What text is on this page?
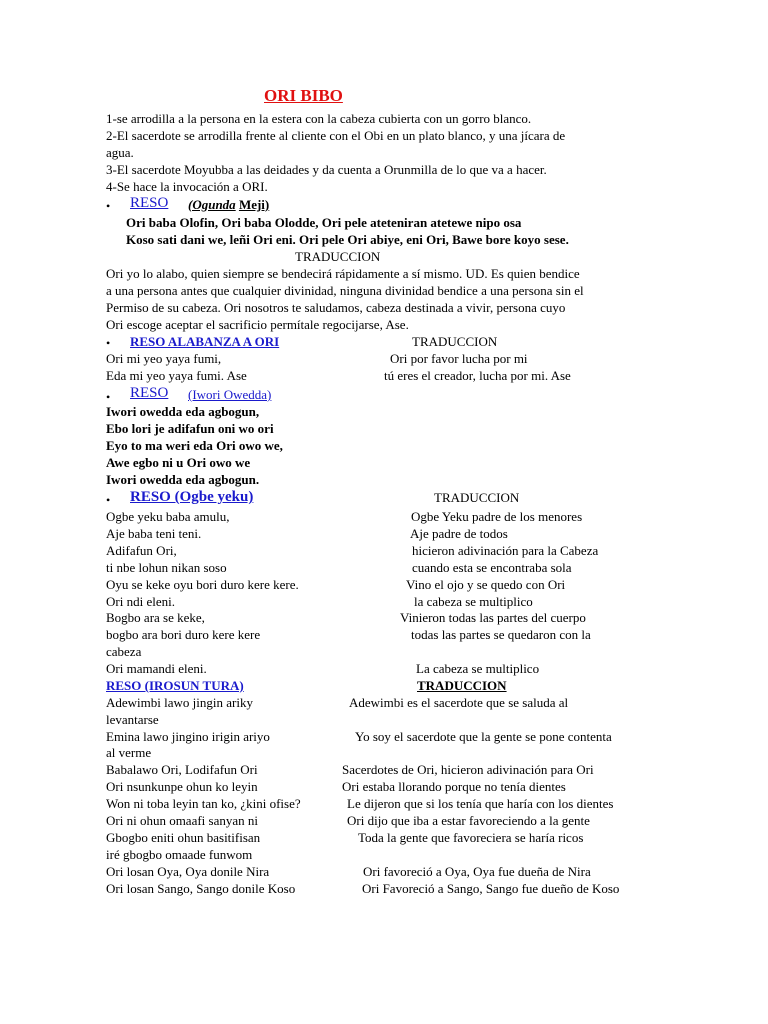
ORI BIBO
1-se arrodilla a la persona en la estera con la cabeza cubierta con un gorro blanco.
2-El sacerdote se arrodilla frente al cliente con el Obi en un plato blanco, y una jícara de
agua.
3-El sacerdote Moyubba a las deidades y da cuenta a Orunmilla de lo que va a hacer.
4-Se hace la invocación a ORI.
• RESO (Ogunda Meji)
Ori baba Olofin, Ori baba Olodde, Ori pele ateteniran atetewe nipo osa
Koso sati dani we, leñi Ori eni. Ori pele Ori abiye, eni Ori, Bawe bore koyo sese.
TRADUCCION
Ori yo lo alabo, quien siempre se bendecirá rápidamente a sí mismo. UD. Es quien bendice
a una persona antes que cualquier divinidad, ninguna divinidad bendice a una persona sin el
Permiso de su cabeza. Ori nosotros te saludamos, cabeza destinada a vivir, persona cuyo
Ori escoge aceptar el sacrificio permítale regocijarse, Ase.
• RESO ALABANZA A ORI	TRADUCCION
Ori mi yeo yaya fumi,	Ori por favor lucha por mi
Eda mi yeo yaya fumi. Ase	tú eres el creador, lucha por mi. Ase
• RESO (Iwori Owedda)
Iwori owedda eda agbogun,
Ebo lori je adifafun oni wo ori
Eyo to ma weri eda Ori owo we,
Awe egbo ni u Ori owo we
Iwori owedda eda agbogun.
• RESO (Ogbe yeku)	TRADUCCION
Ogbe yeku baba amulu,	Ogbe Yeku padre de los menores
Aje baba teni teni.	Aje padre de todos
Adifafun Ori,	hicieron adivinación para la Cabeza
ti nbe lohun nikan soso	cuando esta se encontraba sola
Oyu se keke oyu bori duro kere kere.	Vino el ojo y se quedo con Ori
Ori ndi eleni.	la cabeza se multiplico
Bogbo ara se keke,	Vinieron todas las partes del cuerpo
bogbo ara bori duro kere kere	todas las partes se quedaron con la
cabeza
Ori mamandi eleni.	La cabeza se multiplico
RESO (IROSUN TURA)	TRADUCCION
Adewimbi lawo jingin ariky	Adewimbi es el sacerdote que se saluda al
levantarse
Emina lawo jingino irigin ariyo	Yo soy el sacerdote que la gente se pone contenta
al verme
Babalawo Ori, Lodifafun Ori	Sacerdotes de Ori, hicieron adivinación para Ori
Ori nsunkunpe ohun ko leyin	Ori estaba llorando porque no tenía dientes
Won ni toba leyin tan ko, ¿kini ofise?	Le dijeron que si los tenía que haría con los dientes
Ori ni ohun omaafi sanyan ni	Ori dijo que iba a estar favoreciendo a la gente
Gbogbo eniti ohun basitifisan	Toda la gente que favoreciera se haría ricos
iré gbogbo omaade funwom
Ori losan Oya, Oya donile Nira	Ori favoreció a Oya, Oya fue dueña de Nira
Ori losan Sango, Sango donile Koso	Ori Favoreció a Sango, Sango fue dueño de Koso
